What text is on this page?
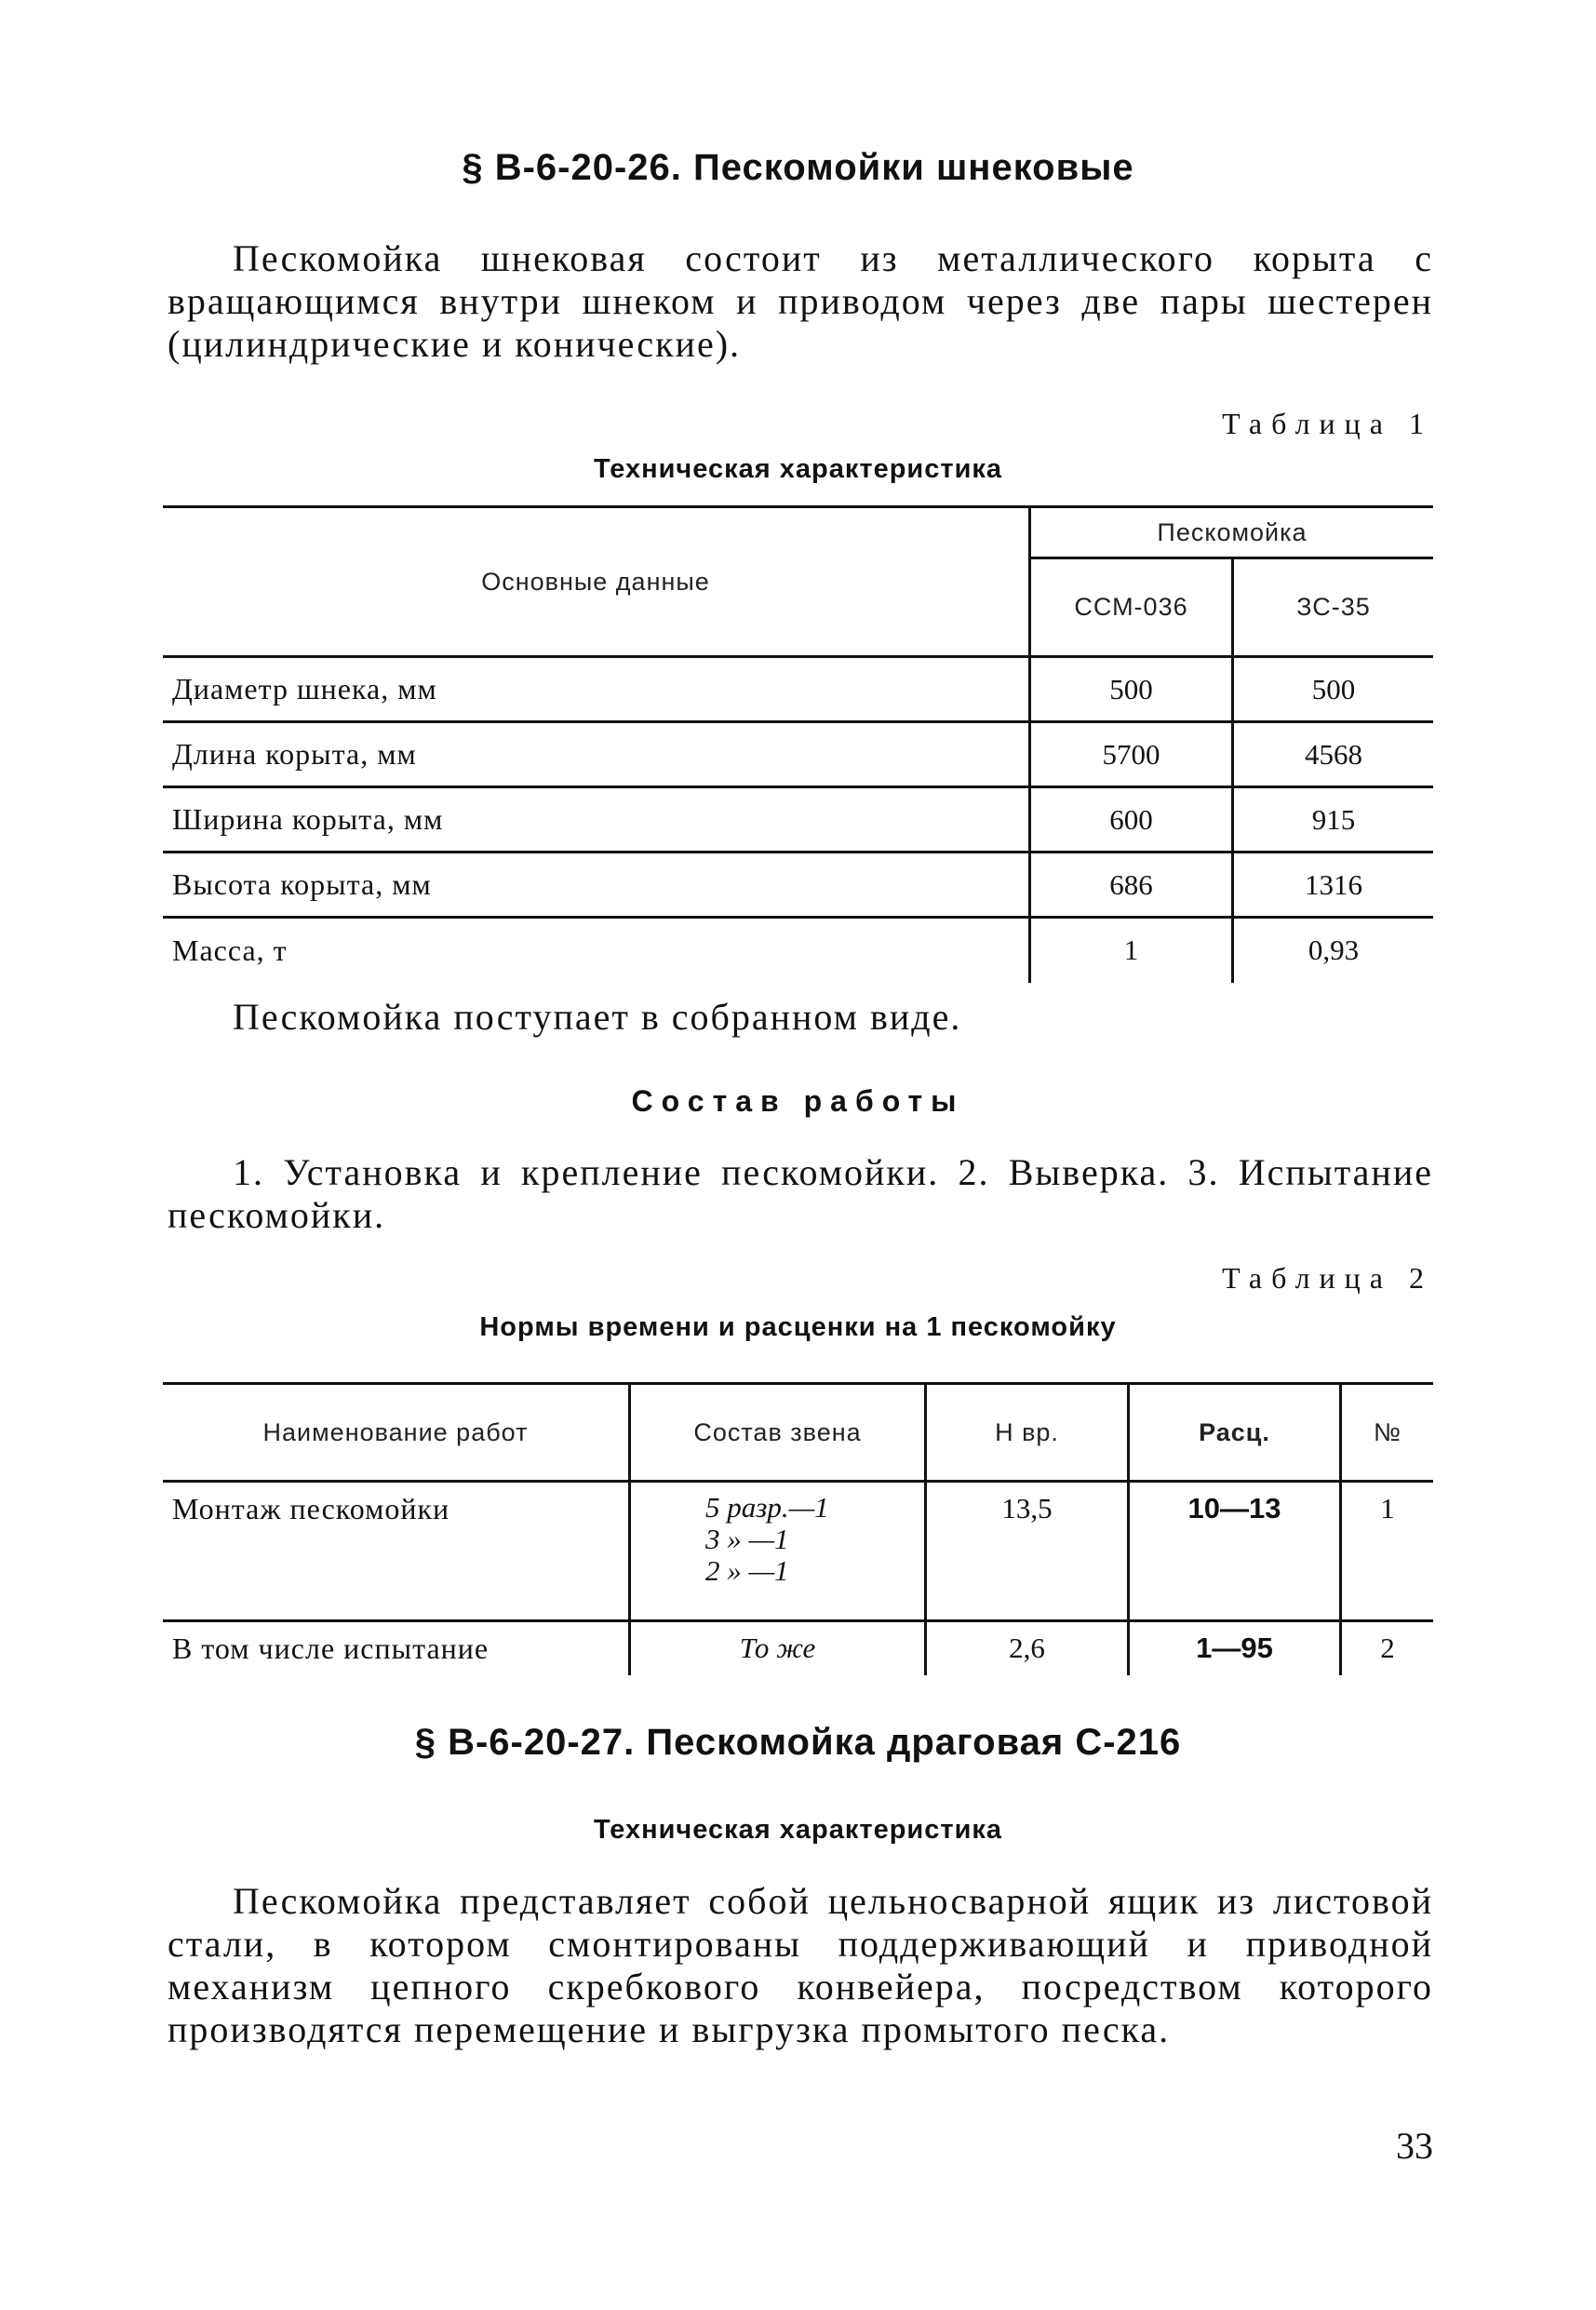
§ В-6-20-26. Пескомойки шнековые
Пескомойка шнековая состоит из металлического корыта с вращающимся внутри шнеком и приводом через две пары шестерен (цилиндрические и конические).
Таблица 1
Техническая характеристика
Основные данные	Пескомойка	
	ССМ-036	ЗС-35
Диаметр шнека, мм	500	500
Длина корыта, мм	5700	4568
Ширина корыта, мм	600	915
Высота корыта, мм	686	1316
Масса, т	1	0,93
Пескомойка поступает в собранном виде.
Состав работы
1. Установка и крепление пескомойки. 2. Выверка. 3. Испытание пескомойки.
Таблица 2
Нормы времени и расценки на 1 пескомойку
Наименование работ	Состав звена	Н вр.	Расц.	№
Монтаж пескомойки	5 разр.—1
3 » —1
2 » —1	13,5	10—13	1
В том числе испытание	То же	2,6	1—95	2
§ В-6-20-27. Пескомойка драговая С-216
Техническая характеристика
Пескомойка представляет собой цельносварной ящик из листовой стали, в котором смонтированы поддерживающий и приводной механизм цепного скребкового конвейера, посредством которого производятся перемещение и выгрузка промытого песка.
33
